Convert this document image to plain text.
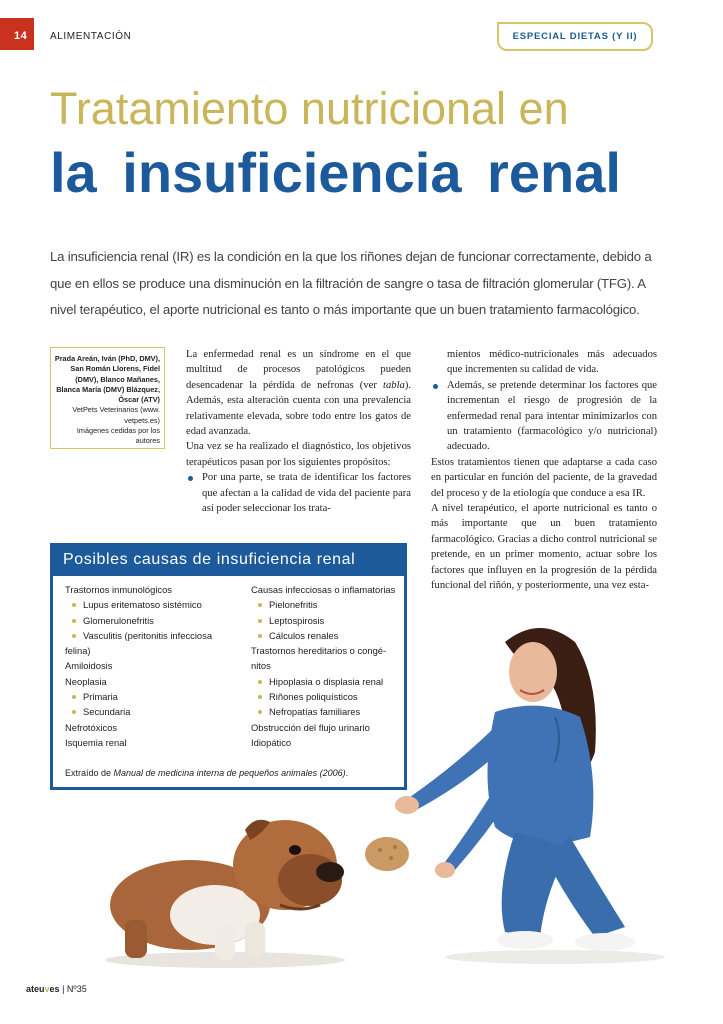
14	ALIMENTACIÓN	ESPECIAL DIETAS (Y II)
Tratamiento nutricional en
la insuficiencia renal

La insuficiencia renal (IR) es la condición en la que los riñones dejan de funcionar correctamente, debido a que en ellos se produce una disminución en la filtración de sangre o tasa de filtración glomerular (TFG). A nivel terapéutico, el aporte nutricional es tanto o más importante que un buen tratamiento farmacológico.

Prada Areán, Iván (PhD, DMV), San Román Llorens, Fidel (DMV), Blanco Mañanes, Blanca María (DMV) Blázquez, Óscar (ATV)
VetPets Veterinarios (www. vetpets.es)
Imágenes cedidas por los autores

La enfermedad renal es un síndrome en el que multitud de procesos patológicos pueden desencadenar la pérdida de nefronas (ver tabla). Además, esta alteración cuenta con una prevalencia relativamente elevada, sobre todo entre los gatos de edad avanzada.

Una vez se ha realizado el diagnóstico, los objetivos terapéuticos pasan por los siguientes propósitos:

Por una parte, se trata de identificar los factores que afectan a la calidad de vida del paciente para así poder seleccionar los trata-

mientos médico-nutricionales más adecuados que incrementen su calidad de vida.

Además, se pretende determinar los factores que incrementan el riesgo de progresión de la enfermedad renal para intentar minimizarlos con un tratamiento (farmacológico y/o nutricional) adecuado.

Estos tratamientos tienen que adaptarse a cada caso en particular en función del paciente, de la gravedad del proceso y de la etiología que conduce a esa IR.

A nivel terapéutico, el aporte nutricional es tanto o más importante que un buen tratamiento farmacológico. Gracias a dicho control nutricional se pretende, en un primer momento, actuar sobre los factores que influyen en la progresión de la pérdida funcional del riñón, y posteriormente, una vez esta-

Posibles causas de insuficiencia renal
Trastornos inmunológicos
Lupus eritematoso sistémico
Glomerulonefritis
Vasculitis (peritonitis infecciosa
felina)
Amiloidosis
Neoplasia
Primaria
Secundaria
Nefrotóxicos
Isquemia renal
Causas infecciosas o inflamatorias
Pielonefritis
Leptospirosis
Cálculos renales
Trastornos hereditarios o congé-
nitos
Hipoplasia o displasia renal
Riñones poliquísticos
Nefropatías familiares
Obstrucción del flujo urinario
Idiopático
Extraído de Manual de medicina interna de pequeños animales (2006).
ateuves | Nº35
